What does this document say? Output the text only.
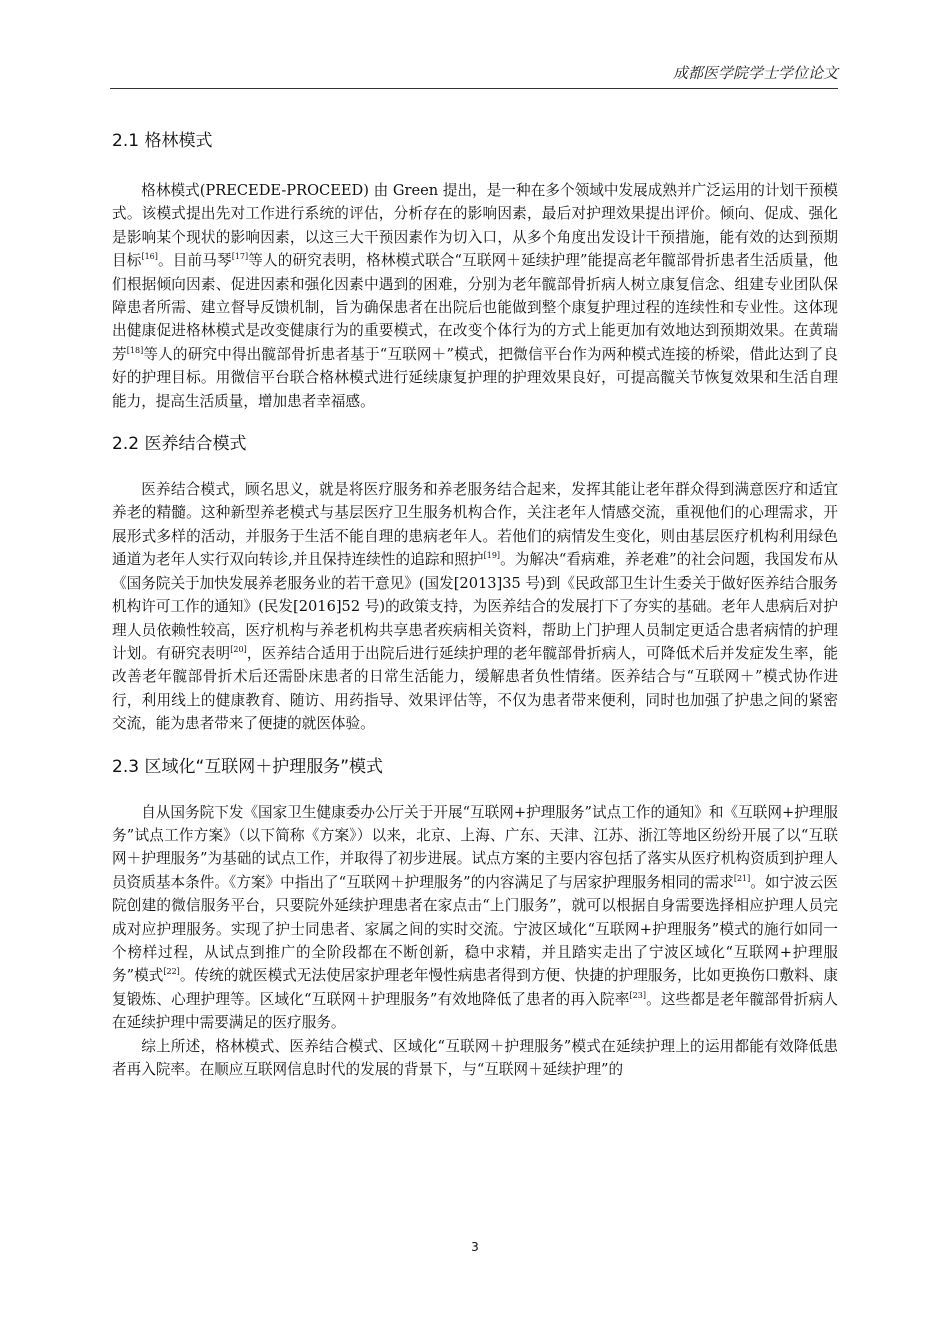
成都医学院学士学位论文
2.1 格林模式

格林模式(PRECEDE-PROCEED) 由 Green 提出，是一种在多个领域中发展成熟并广泛运用的计划干预模式。该模式提出先对工作进行系统的评估，分析存在的影响因素，最后对护理效果提出评价。倾向、促成、强化是影响某个现状的影响因素，以这三大干预因素作为切入口，从多个角度出发设计干预措施，能有效的达到预期目标[16]。目前马琴[17]等人的研究表明，格林模式联合“互联网＋延续护理”能提高老年髋部骨折患者生活质量，他们根据倾向因素、促进因素和强化因素中遇到的困难，分别为老年髋部骨折病人树立康复信念、组建专业团队保障患者所需、建立督导反馈机制，旨为确保患者在出院后也能做到整个康复护理过程的连续性和专业性。这体现出健康促进格林模式是改变健康行为的重要模式，在改变个体行为的方式上能更加有效地达到预期效果。在黄瑞芳[18]等人的研究中得出髋部骨折患者基于“互联网＋”模式，把微信平台作为两种模式连接的桥梁，借此达到了良好的护理目标。用微信平台联合格林模式进行延续康复护理的护理效果良好，可提高髋关节恢复效果和生活自理能力，提高生活质量，增加患者幸福感。

2.2 医养结合模式

医养结合模式，顾名思义，就是将医疗服务和养老服务结合起来，发挥其能让老年群众得到满意医疗和适宜养老的精髓。这种新型养老模式与基层医疗卫生服务机构合作，关注老年人情感交流，重视他们的心理需求，开展形式多样的活动，并服务于生活不能自理的患病老年人。若他们的病情发生变化，则由基层医疗机构利用绿色通道为老年人实行双向转诊,并且保持连续性的追踪和照护[19]。为解决“看病难，养老难”的社会问题，我国发布从《国务院关于加快发展养老服务业的若干意见》(国发[2013]35 号)到《民政部卫生计生委关于做好医养结合服务机构许可工作的通知》(民发[2016]52 号)的政策支持，为医养结合的发展打下了夯实的基础。老年人患病后对护理人员依赖性较高，医疗机构与养老机构共享患者疾病相关资料，帮助上门护理人员制定更适合患者病情的护理计划。有研究表明[20]，医养结合适用于出院后进行延续护理的老年髋部骨折病人，可降低术后并发症发生率，能改善老年髋部骨折术后还需卧床患者的日常生活能力，缓解患者负性情绪。医养结合与“互联网＋”模式协作进行，利用线上的健康教育、随访、用药指导、效果评估等，不仅为患者带来便利，同时也加强了护患之间的紧密交流，能为患者带来了便捷的就医体验。

2.3 区域化“互联网＋护理服务”模式

自从国务院下发《国家卫生健康委办公厅关于开展“互联网+护理服务”试点工作的通知》和《互联网+护理服务”试点工作方案》（以下简称《方案》）以来，北京、上海、广东、天津、江苏、浙江等地区纷纷开展了以“互联网＋护理服务”为基础的试点工作，并取得了初步进展。试点方案的主要内容包括了落实从医疗机构资质到护理人员资质基本条件。《方案》中指出了“互联网＋护理服务”的内容满足了与居家护理服务相同的需求[21]。如宁波云医院创建的微信服务平台，只要院外延续护理患者在家点击“上门服务”，就可以根据自身需要选择相应护理人员完成对应护理服务。实现了护士同患者、家属之间的实时交流。宁波区域化“互联网+护理服务”模式的施行如同一个榜样过程，从试点到推广的全阶段都在不断创新，稳中求精，并且踏实走出了宁波区域化“互联网+护理服务”模式[22]。传统的就医模式无法使居家护理老年慢性病患者得到方便、快捷的护理服务，比如更换伤口敷料、康复锻炼、心理护理等。区域化“互联网＋护理服务”有效地降低了患者的再入院率[23]。这些都是老年髋部骨折病人在延续护理中需要满足的医疗服务。

综上所述，格林模式、医养结合模式、区域化“互联网＋护理服务”模式在延续护理上的运用都能有效降低患者再入院率。在顺应互联网信息时代的发展的背景下，与“互联网＋延续护理”的

3
